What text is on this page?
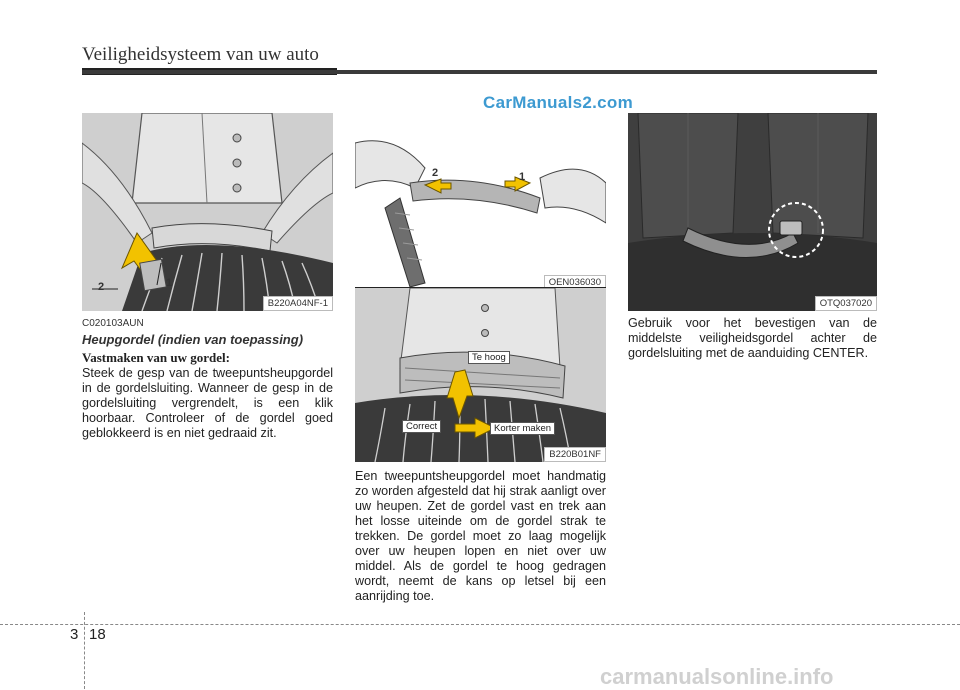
Veiligheidsysteem van uw auto
CarManuals2.com
2	1
B220A04NF-1
2	1
OEN036030
Te hoog
Correct	Korter maken
B220B01NF
OTQ037020
C020103AUN
Heupgordel (indien van toepassing)
Vastmaken van uw gordel:
Steek de gesp van de tweepuntsheupgordel in de gordelsluiting. Wanneer de gesp in de gordelsluiting vergrendelt, is een klik hoorbaar. Controleer of de gordel goed geblokkeerd is en niet gedraaid zit.
Een tweepuntsheupgordel moet handmatig zo worden afgesteld dat hij strak aanligt over uw heupen. Zet de gordel vast en trek aan het losse uiteinde om de gordel strak te trekken. De gordel moet zo laag mogelijk over uw heupen lopen en niet over uw middel. Als de gordel te hoog gedragen wordt, neemt de kans op letsel bij een aanrijding toe.
Gebruik voor het bevestigen van de middelste veiligheidsgordel achter de gordelsluiting met de aanduiding CENTER.
3 18
carmanualsonline.info
